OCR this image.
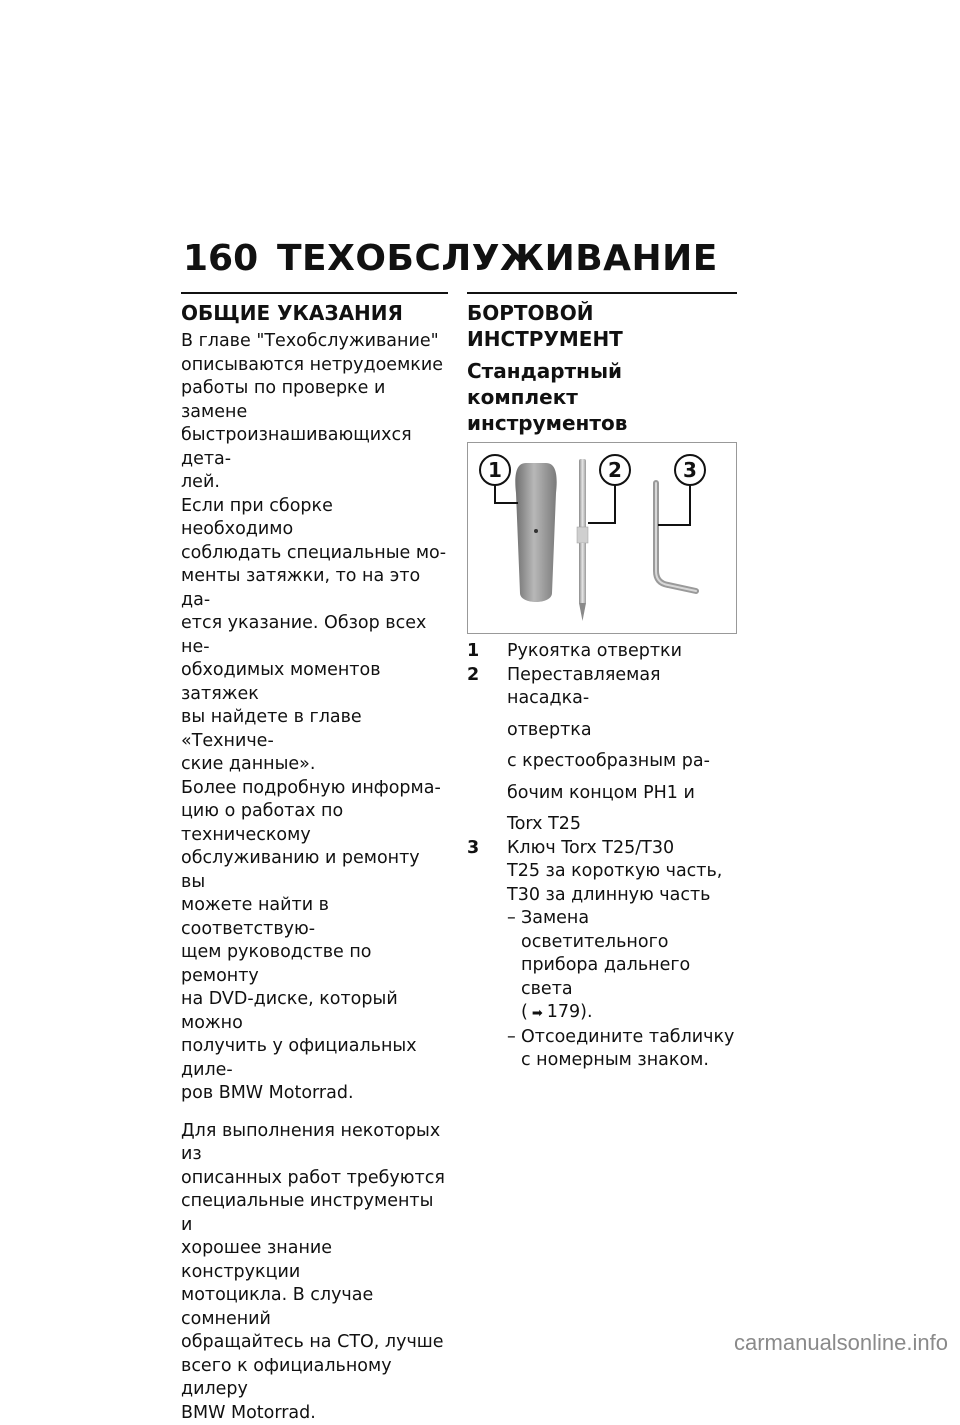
160 ТЕХОБСЛУЖИВАНИЕ
ОБЩИЕ УКАЗАНИЯ

В главе "Техобслуживание"

описываются нетрудоемкие

работы по проверке и замене

быстроизнашивающихся дета-

лей.

Если при сборке необходимо

соблюдать специальные мо-

менты затяжки, то на это да-

ется указание. Обзор всех не-

обходимых моментов затяжек

вы найдете в главе «Техниче-

ские данные».

Более подробную информа-

цию о работах по техническому

обслуживанию и ремонту вы

можете найти в соответствую-

щем руководстве по ремонту

на DVD-диске, который можно

получить у официальных диле-

ров BMW Motorrad.

Для выполнения некоторых из

описанных работ требуются

специальные инструменты и

хорошее знание конструкции

мотоцикла. В случае сомнений

обращайтесь на СТО, лучше

всего к официальному дилеру

BMW Motorrad.

БОРТОВОЙ ИНСТРУМЕНТ
Стандартный комплект
инструментов
1	2	3
1	Рукоятка отвертки
2	Переставляемая насадка-
отвертка
с крестообразным ра-
бочим концом PH1 и
Torx T25
3	Ключ Torx T25/T30
T25 за короткую часть,
T30 за длинную часть
– Замена осветительного
прибора дальнего света
( ➡ 179).
– Отсоедините табличку
с номерным знаком.
carmanualsonline.info
